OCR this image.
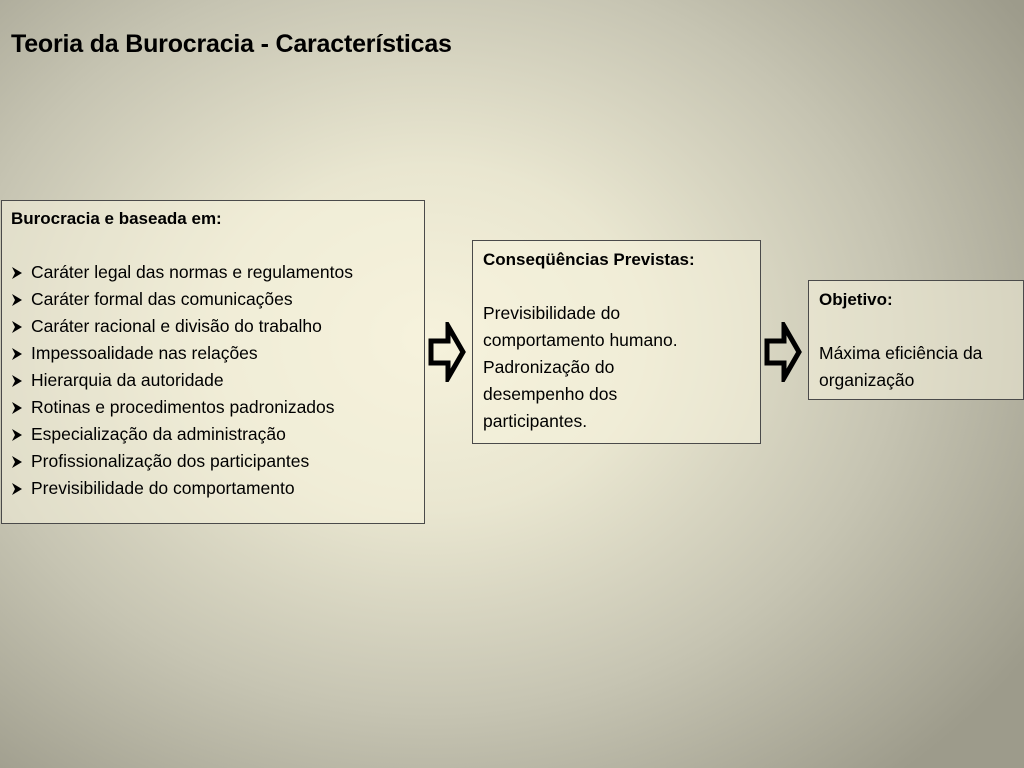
Teoria da Burocracia - Características
Burocracia e baseada em:
Caráter legal das normas e regulamentos
Caráter formal das comunicações
Caráter racional e divisão do trabalho
Impessoalidade nas relações
Hierarquia da autoridade
Rotinas e procedimentos padronizados
Especialização da administração
Profissionalização dos participantes
Previsibilidade do comportamento
Conseqüências Previstas:
Previsibilidade do
comportamento humano.
Padronização do
desempenho dos
participantes.
Objetivo:
Máxima eficiência da
organização
